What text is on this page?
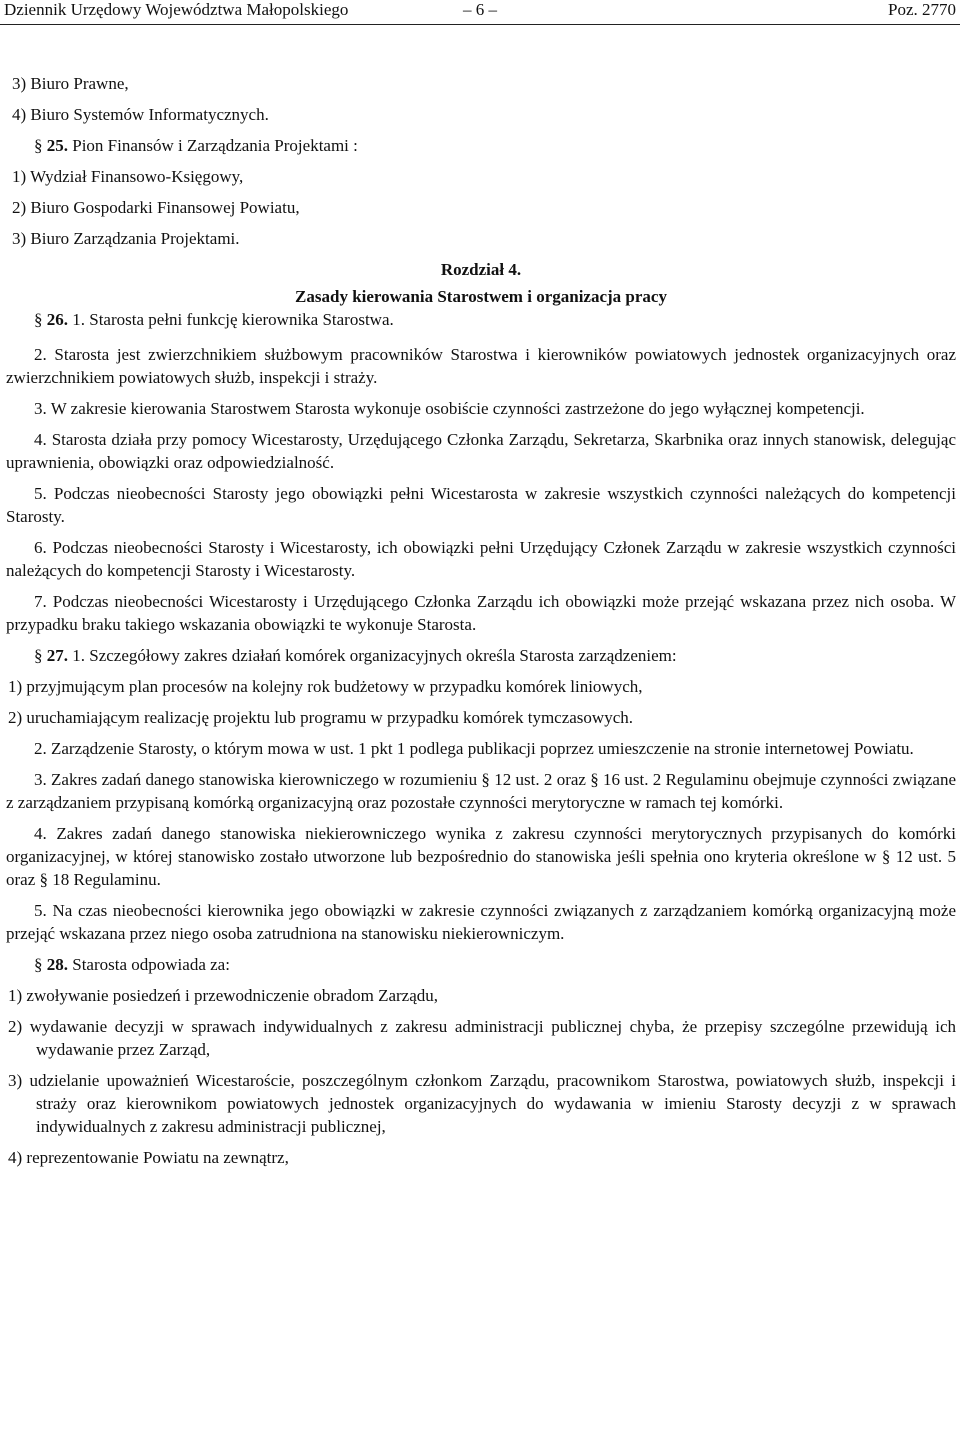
Dziennik Urzędowy Województwa Małopolskiego	– 6 –	Poz. 2770

3) Biuro Prawne,

4) Biuro Systemów Informatycznych.

§ 25. Pion Finansów i Zarządzania Projektami :

1) Wydział Finansowo-Księgowy,

2) Biuro Gospodarki Finansowej Powiatu,

3) Biuro Zarządzania Projektami.

Rozdział 4.

Zasady kierowania Starostwem i organizacja pracy

§ 26. 1. Starosta pełni funkcję kierownika Starostwa.

2. Starosta jest zwierzchnikiem służbowym pracowników Starostwa i kierowników powiatowych jednostek organizacyjnych oraz zwierzchnikiem powiatowych służb, inspekcji i straży.

3. W zakresie kierowania Starostwem Starosta wykonuje osobiście czynności zastrzeżone do jego wyłącznej kompetencji.

4. Starosta działa przy pomocy Wicestarosty, Urzędującego Członka Zarządu, Sekretarza, Skarbnika oraz innych stanowisk, delegując uprawnienia, obowiązki oraz odpowiedzialność.

5. Podczas nieobecności Starosty jego obowiązki pełni Wicestarosta w zakresie wszystkich czynności należących do kompetencji Starosty.

6. Podczas nieobecności Starosty i Wicestarosty, ich obowiązki pełni Urzędujący Członek Zarządu w zakresie wszystkich czynności należących do kompetencji Starosty i Wicestarosty.

7. Podczas nieobecności Wicestarosty i Urzędującego Członka Zarządu ich obowiązki może przejąć wskazana przez nich osoba. W przypadku braku takiego wskazania obowiązki te wykonuje Starosta.

§ 27. 1. Szczegółowy zakres działań komórek organizacyjnych określa Starosta zarządzeniem:

1) przyjmującym plan procesów na kolejny rok budżetowy w przypadku komórek liniowych,

2) uruchamiającym realizację projektu lub programu w przypadku komórek tymczasowych.

2. Zarządzenie Starosty, o którym mowa w ust. 1 pkt 1 podlega publikacji poprzez umieszczenie na stronie internetowej Powiatu.

3. Zakres zadań danego stanowiska kierowniczego w rozumieniu § 12 ust. 2 oraz § 16 ust. 2 Regulaminu obejmuje czynności związane z zarządzaniem przypisaną komórką organizacyjną oraz pozostałe czynności merytoryczne w ramach tej komórki.

4. Zakres zadań danego stanowiska niekierowniczego wynika z zakresu czynności merytorycznych przypisanych do komórki organizacyjnej, w której stanowisko zostało utworzone lub bezpośrednio do stanowiska jeśli spełnia ono kryteria określone w § 12 ust. 5 oraz § 18 Regulaminu.

5. Na czas nieobecności kierownika jego obowiązki w zakresie czynności związanych z zarządzaniem komórką organizacyjną może przejąć wskazana przez niego osoba zatrudniona na stanowisku niekierowniczym.

§ 28. Starosta odpowiada za:

1) zwoływanie posiedzeń i przewodniczenie obradom Zarządu,

2) wydawanie decyzji w sprawach indywidualnych z zakresu administracji publicznej chyba, że przepisy szczególne przewidują ich wydawanie przez Zarząd,

3) udzielanie upoważnień Wicestaroście, poszczególnym członkom Zarządu, pracownikom Starostwa, powiatowych służb, inspekcji i straży oraz kierownikom powiatowych jednostek organizacyjnych do wydawania w imieniu Starosty decyzji z w sprawach indywidualnych z zakresu administracji publicznej,

4) reprezentowanie Powiatu na zewnątrz,
